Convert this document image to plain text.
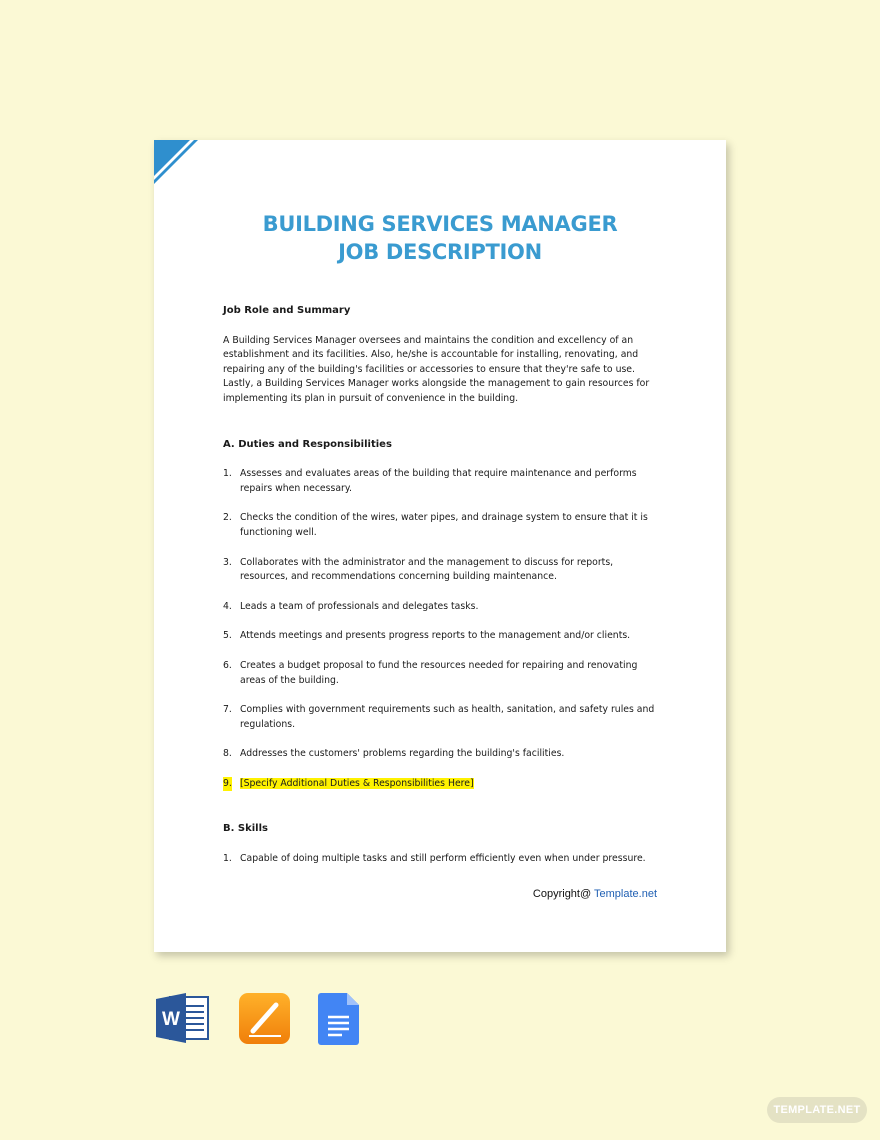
BUILDING SERVICES MANAGER
JOB DESCRIPTION
Job Role and Summary
A Building Services Manager oversees and maintains the condition and excellency of an establishment and its facilities. Also, he/she is accountable for installing, renovating, and repairing any of the building's facilities or accessories to ensure that they're safe to use. Lastly, a Building Services Manager works alongside the management to gain resources for implementing its plan in pursuit of convenience in the building.
A. Duties and Responsibilities
1. Assesses and evaluates areas of the building that require maintenance and performs repairs when necessary.
2. Checks the condition of the wires, water pipes, and drainage system to ensure that it is functioning well.
3. Collaborates with the administrator and the management to discuss for reports, resources, and recommendations concerning building maintenance.
4. Leads a team of professionals and delegates tasks.
5. Attends meetings and presents progress reports to the management and/or clients.
6. Creates a budget proposal to fund the resources needed for repairing and renovating areas of the building.
7. Complies with government requirements such as health, sanitation, and safety rules and regulations.
8. Addresses the customers' problems regarding the building's facilities.
9. [Specify Additional Duties & Responsibilities Here]
B. Skills
1. Capable of doing multiple tasks and still perform efficiently even when under pressure.
Copyright@ Template.net
W
TEMPLATE.NET
